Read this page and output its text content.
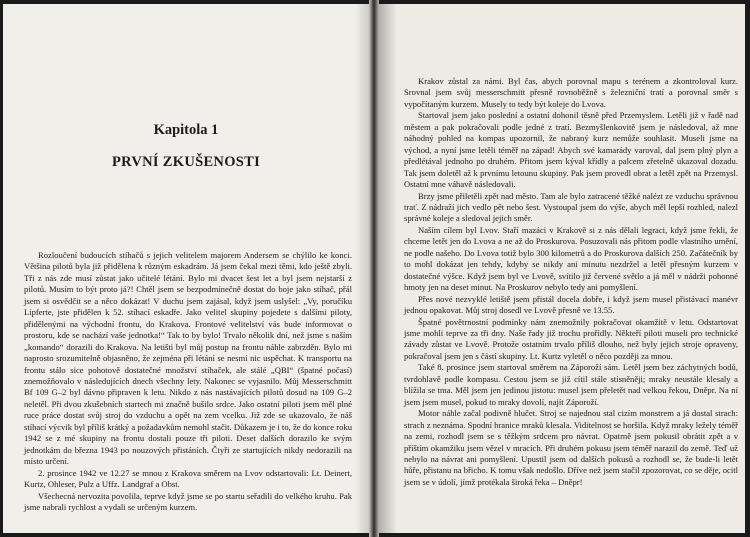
Kapitola 1
PRVNÍ ZKUŠENOSTI

Rozloučení budoucích stíhačů s jejich velitelem majorem Andersem se chýlilo ke konci. Většina pilotů byla již přidělena k různým eskadrám. Já jsem čekal mezi těmi, kdo ještě zbyli. Tři z nás zde musí zůstat jako učitelé létání. Bylo mi dvacet šest let a byl jsem nejstarší z pilotů. Musím to být proto já?! Chtěl jsem se bezpodmínečně dostat do boje jako stíhač, přál jsem si osvědčit se a něco dokázat! V duchu jsem zajásal, když jsem uslyšel: „Vy, poručíku Lipferte, jste přidělen k 52. stíhací eskadře. Jako velitel skupiny pojedete s dalšími piloty, přidělenými na východní frontu, do Krakova. Frontové velitelství vás bude informovat o prostoru, kde se nachází vaše jednotka!“ Tak to by bylo! Trvalo několik dní, než jsme s naším „komando“ dorazili do Krakova. Na letišti byl můj postup na frontu náhle zabrzděn. Bylo mi naprosto srozumitelně objasněno, že zejména při létání se nesmí nic uspěchat. K transportu na frontu stálo sice pohotově dostatečné množství stíhaček, ale stálé „QBI“ (špatné počasí) znemožňovalo v následujících dnech všechny lety. Nakonec se vyjasnilo. Můj Messerschmitt Bf 109 G–2 byl dávno připraven k letu. Nikdo z nás nastávajících pilotů dosud na 109 G–2 neletěl. Při dvou zkušebních startech mi značně bušilo srdce. Jako ostatní piloti jsem měl plné ruce práce dostat svůj stroj do vzduchu a opět na zem vcelku. Již zde se ukazovalo, že náš stíhací výcvik byl příliš krátký a požadavkům nemohl stačit. Důkazem je i to, že do konce roku 1942 se z mé skupiny na frontu dostali pouze tři piloti. Deset dalších dorazilo ke svým jednotkám do března 1943 po nouzových přistáních. Čtyři ze startujících nikdy nedorazili na místo určení.

2. prosince 1942 ve 12.27 se mnou z Krakova směrem na Lvov odstartovali: Lt. Deinert, Kurtz, Ohleser, Pulz a Uffz. Landgraf a Obst.

Všechecná nervozita povolila, teprve když jsme se po startu seřadili do velkého kruhu. Pak jsme nabrali rychlost a vydali se určeným kurzem.

Krakov zůstal za námi. Byl čas, abych porovnal mapu s terénem a zkontroloval kurz. Srovnal jsem svůj messerschmitt přesně rovnoběžně s železniční tratí a porovnal směr s vypočítaným kurzem. Musely to tedy být koleje do Lvova.

Startoval jsem jako poslední a ostatní dohonil těsně před Przemyslem. Letěli již v řadě nad městem a pak pokračovali podle jedné z tratí. Bezmyšlenkovitě jsem je následoval, až mne náhodný pohled na kompas upozornil, že nabraný kurz nemůže souhlasit. Museli jsme na východ, a nyní jsme letěli téměř na západ! Abych své kamarády varoval, dal jsem plný plyn a předlétával jednoho po druhém. Přitom jsem kýval křídly a palcem zřetelně ukazoval dozadu. Tak jsem doletěl až k prvnímu letounu skupiny. Pak jsem provedl obrat a letěl zpět na Przemysl. Ostatní mne váhavě následovali.

Brzy jsme přiletěli zpět nad město. Tam ale bylo zatracené těžké nalézt ze vzduchu správnou trať. Z nádraží jich vedlo pět nebo šest. Vystoupal jsem do výše, abych měl lepší rozhled, nalezl správné koleje a sledoval jejich směr.

Naším cílem byl Lvov. Staří mazáci v Krakově si z nás dělali legraci, když jsme řekli, že chceme letět jen do Lvova a ne až do Proskurova. Posuzovali nás přitom podle vlastního umění, ne podle našeho. Do Lvova totiž bylo 300 kilometrů a do Proskurova dalších 250. Začátečník by to mohl dokázat jen tehdy, kdyby se nikdy ani minutu nezdržel a letěl přesným kurzem v dostatečné výšce. Když jsem byl ve Lvově, svítilo již červené světlo a já měl v nádrži pohonné hmoty jen na deset minut. Na Proskurov nebylo tedy ani pomyšlení.

Přes nové nezvyklé letiště jsem přistál docela dobře, i když jsem musel přistávací manévr jednou opakovat. Můj stroj dosedl ve Lvově přesně ve 13.55.

Špatné povětrnostní podmínky nám znemožnily pokračovat okamžitě v letu. Odstartovat jsme mohli teprve za tři dny. Naše řady již trochu prořídly. Někteří piloti museli pro technické závady zůstat ve Lvově. Protože ostatním trvalo příliš dlouho, než byly jejich stroje opraveny, pokračoval jsem jen s částí skupiny. Lt. Kurtz vyletěl o něco později za mnou.

Také 8. prosince jsem startoval směrem na Záporoží sám. Letěl jsem bez záchytných bodů, tvrdohlavě podle kompasu. Cestou jsem se již cítil stále stísněněji; mraky neustále klesaly a blížila se tma. Měl jsem jen jedinou jistotu: musel jsem přeletět nad velkou řekou, Dněpr. Na ní jsem jsem musel, pokud to mraky dovolí, najít Záporoží.

Motor náhle začal podivně hlučet. Stroj se najednou stal cizím monstrem a já dostal strach: strach z neznáma. Spodní hranice mraků klesala. Viditelnost se horšila. Když mraky ležely téměř na zemi, rozhodl jsem se s těžkým srdcem pro návrat. Opatrně jsem pokusil obrátit zpět a v příštím okamžiku jsem vězel v mracích. Při druhém pokusu jsem téměř narazil do země. Teď už nebylo na návrat ani pomyšlení. Upustil jsem od dalších pokusů a rozhodl se, že bude-li letět hůře, přistanu na břicho. K tomu však nedošlo. Dříve než jsem stačil zpozorovat, co se děje, ocitl jsem se v údolí, jímž protékala široká řeka – Dněpr!
